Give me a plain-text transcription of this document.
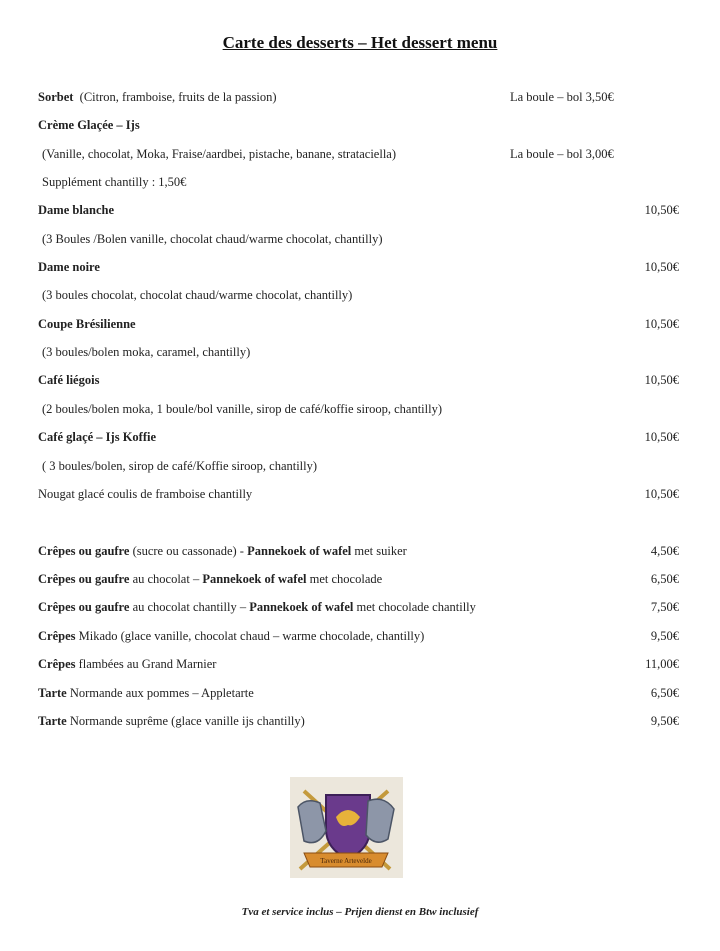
Carte des desserts – Het dessert menu
Sorbet (Citron, framboise, fruits de la passion)	La boule – bol 3,50€
Crème Glaçée – Ijs
(Vanille, chocolat, Moka, Fraise/aardbei, pistache, banane, strataciella)	La boule – bol 3,00€
Supplément chantilly : 1,50€
Dame blanche	10,50€
(3 Boules /Bolen vanille, chocolat chaud/warme chocolat, chantilly)
Dame noire	10,50€
(3 boules chocolat, chocolat chaud/warme chocolat, chantilly)
Coupe Brésilienne	10,50€
(3 boules/bolen moka, caramel, chantilly)
Café liégois	10,50€
(2 boules/bolen moka, 1 boule/bol vanille, sirop de café/koffie siroop, chantilly)
Café glaçé – Ijs Koffie	10,50€
( 3 boules/bolen, sirop de café/Koffie siroop, chantilly)
Nougat glacé coulis de framboise chantilly	10,50€
Crêpes ou gaufre (sucre ou cassonade) - Pannekoek of wafel met suiker	4,50€
Crêpes ou gaufre au chocolat – Pannekoek of wafel met chocolade	6,50€
Crêpes ou gaufre au chocolat chantilly – Pannekoek of wafel met chocolade chantilly	7,50€
Crêpes Mikado (glace vanille, chocolat chaud – warme chocolade, chantilly)	9,50€
Crêpes flambées au Grand Marnier	11,00€
Tarte Normande aux pommes – Appletarte	6,50€
Tarte Normande suprême (glace vanille ijs chantilly)	9,50€
Taverne Artevelde
Tva et service inclus – Prijen dienst en Btw inclusief
